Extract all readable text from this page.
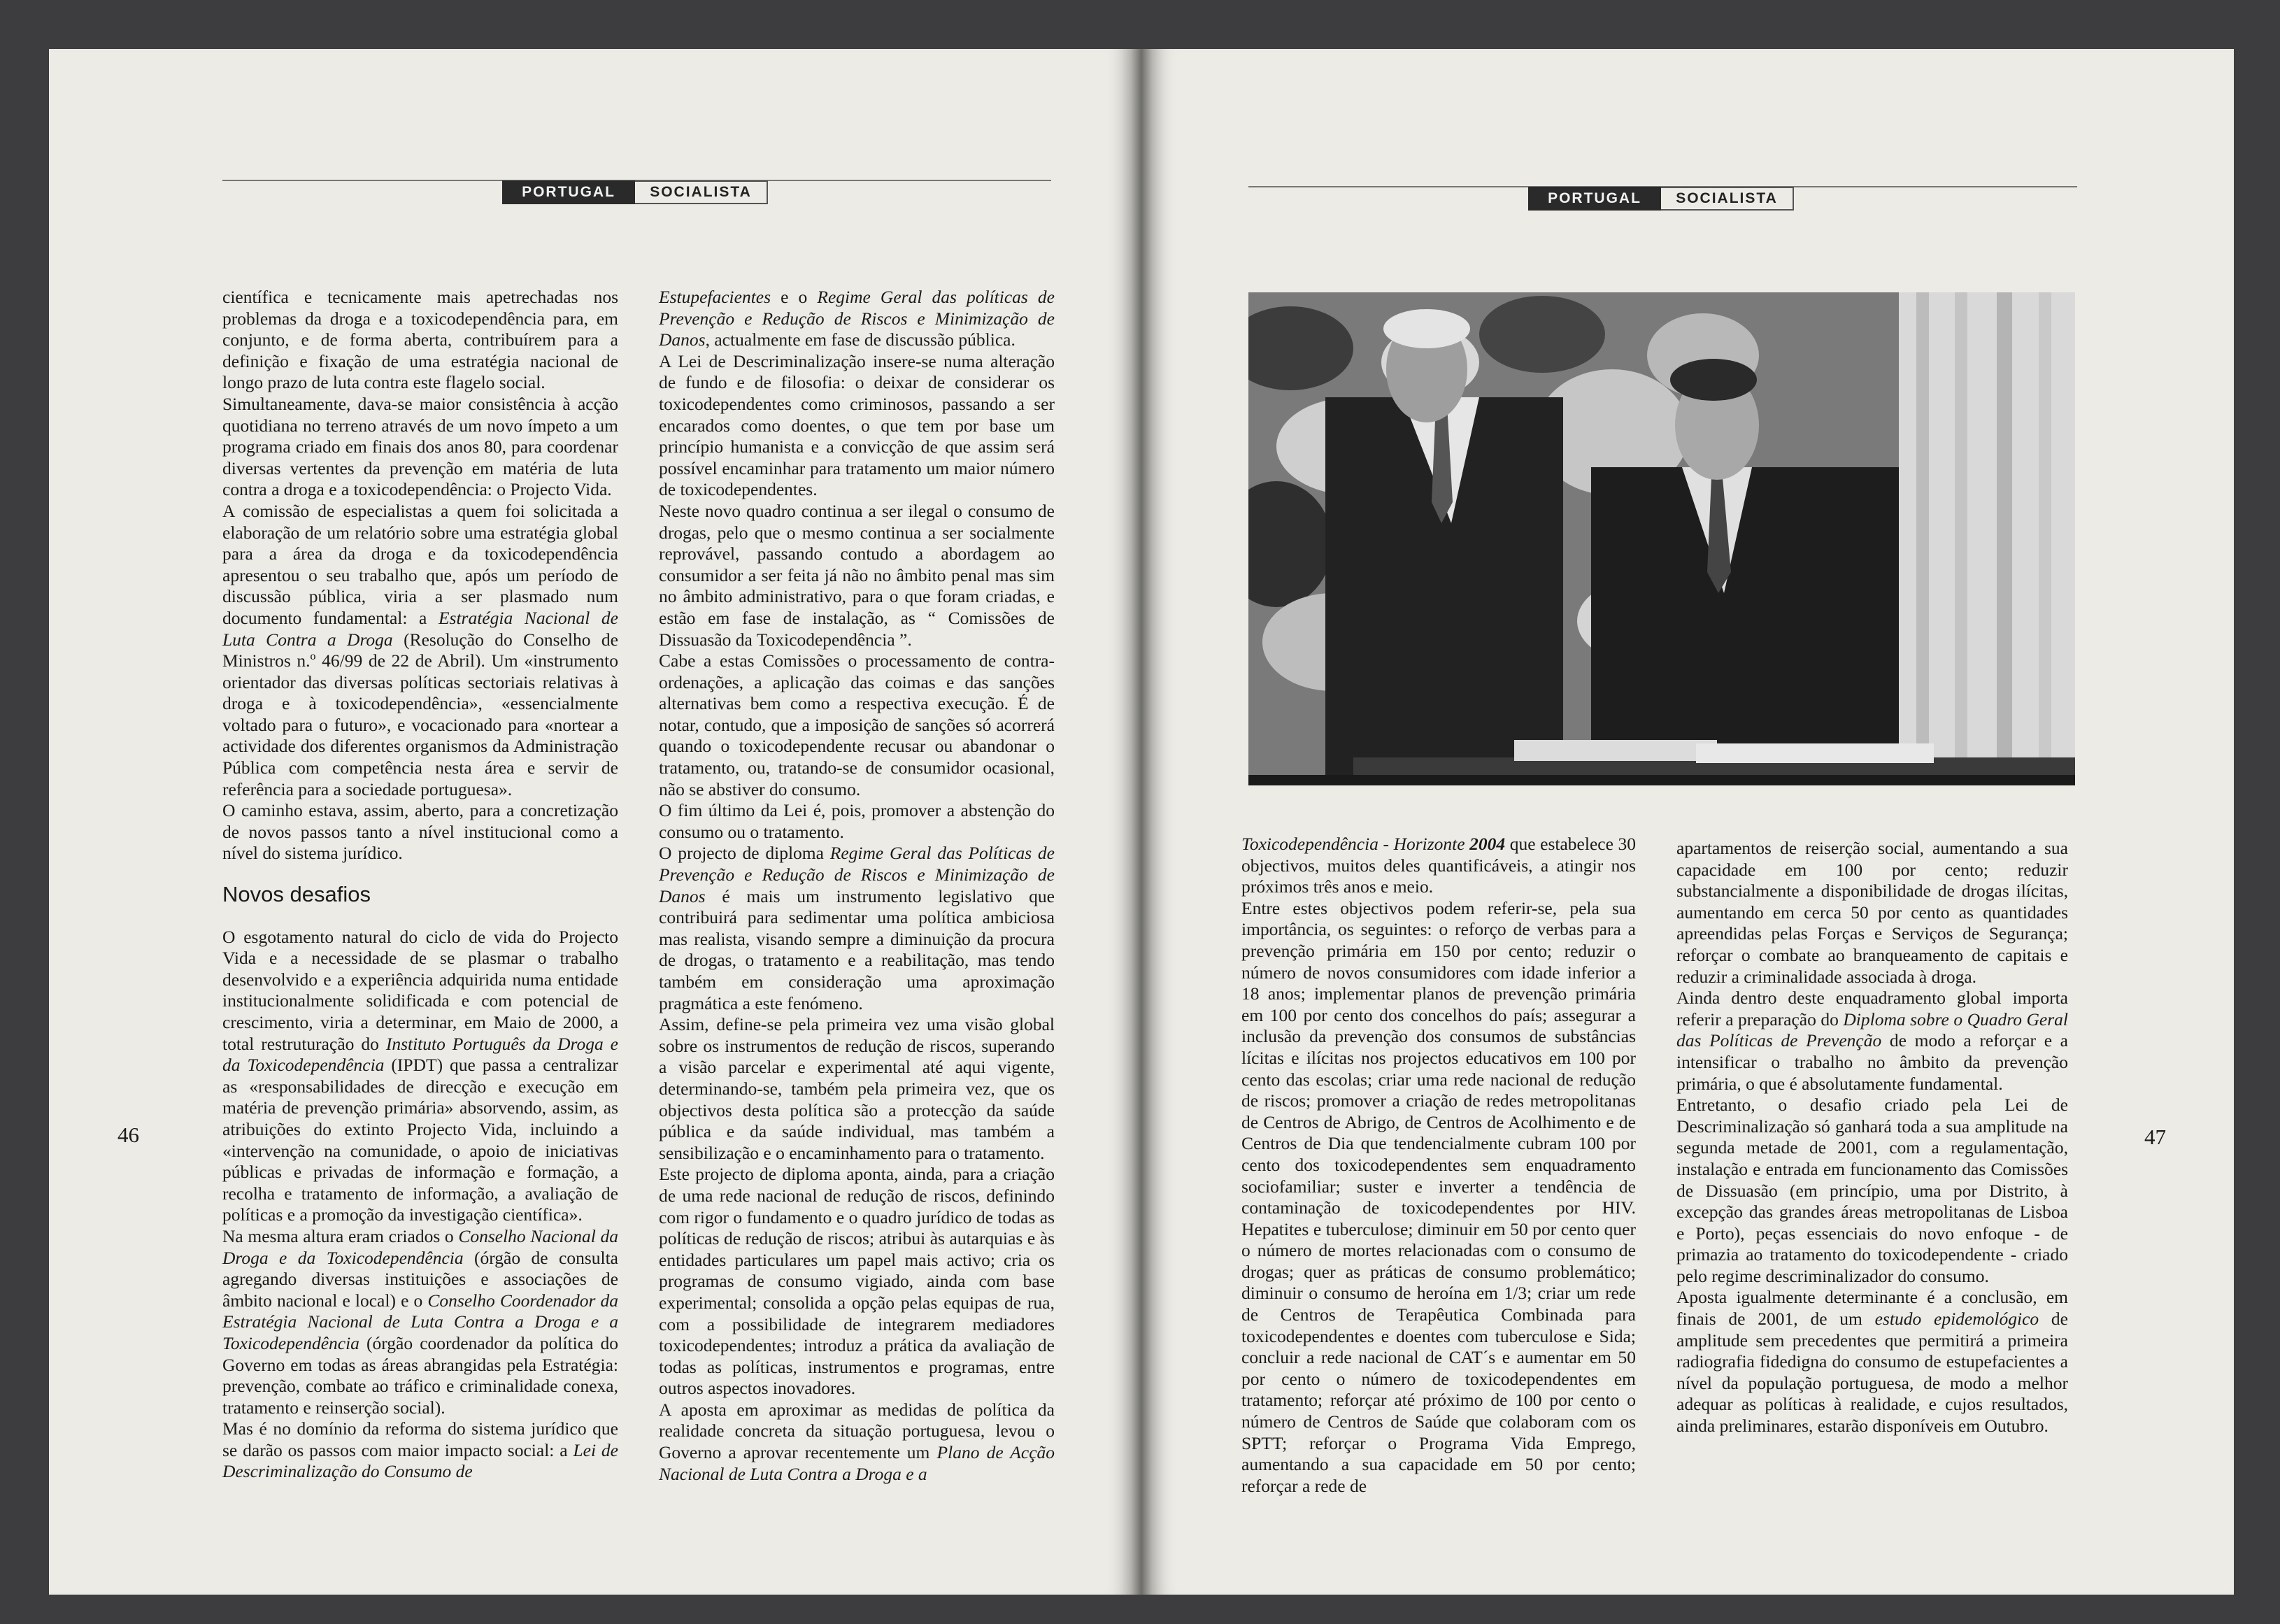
PORTUGAL	SOCIALISTA	PORTUGAL	SOCIALISTA

científica e tecnicamente mais apetrechadas nos problemas da droga e a toxicodependência para, em conjunto, e de forma aberta, contribuírem para a definição e fixação de uma estratégia nacional de longo prazo de luta contra este flagelo social.

Simultaneamente, dava-se maior consistência à acção quotidiana no terreno através de um novo ímpeto a um programa criado em finais dos anos 80, para coordenar diversas vertentes da prevenção em matéria de luta contra a droga e a toxicodependência: o Projecto Vida.

A comissão de especialistas a quem foi solicitada a elaboração de um relatório sobre uma estratégia global para a área da droga e da toxicodependência apresentou o seu trabalho que, após um período de discussão pública, viria a ser plasmado num documento fundamental: a Estratégia Nacional de Luta Contra a Droga (Resolução do Conselho de Ministros n.º 46/99 de 22 de Abril). Um «instrumento orientador das diversas políticas sectoriais relativas à droga e à toxicodependência», «essencialmente voltado para o futuro», e vocacionado para «nortear a actividade dos diferentes organismos da Administração Pública com competência nesta área e servir de referência para a sociedade portuguesa».

O caminho estava, assim, aberto, para a concretização de novos passos tanto a nível institucional como a nível do sistema jurídico.

Novos desafios

O esgotamento natural do ciclo de vida do Projecto Vida e a necessidade de se plasmar o trabalho desenvolvido e a experiência adquirida numa entidade institucionalmente solidificada e com potencial de crescimento, viria a determinar, em Maio de 2000, a total restruturação do Instituto Português da Droga e da Toxicodependência (IPDT) que passa a centralizar as «responsabilidades de direcção e execução em matéria de prevenção primária» absorvendo, assim, as atribuições do extinto Projecto Vida, incluindo a «intervenção na comunidade, o apoio de iniciativas públicas e privadas de informação e formação, a recolha e tratamento de informação, a avaliação de políticas e a promoção da investigação científica».

Na mesma altura eram criados o Conselho Nacional da Droga e da Toxicodependência (órgão de consulta agregando diversas instituições e associações de âmbito nacional e local) e o Conselho Coordenador da Estratégia Nacional de Luta Contra a Droga e a Toxicodependência (órgão coordenador da política do Governo em todas as áreas abrangidas pela Estratégia: prevenção, combate ao tráfico e criminalidade conexa, tratamento e reinserção social).

Mas é no domínio da reforma do sistema jurídico que se darão os passos com maior impacto social: a Lei de Descriminalização do Consumo de

Estupefacientes e o Regime Geral das políticas de Prevenção e Redução de Riscos e Minimização de Danos, actualmente em fase de discussão pública.

A Lei de Descriminalização insere-se numa alteração de fundo e de filosofia: o deixar de considerar os toxicodependentes como criminosos, passando a ser encarados como doentes, o que tem por base um princípio humanista e a convicção de que assim será possível encaminhar para tratamento um maior número de toxicodependentes.

Neste novo quadro continua a ser ilegal o consumo de drogas, pelo que o mesmo continua a ser socialmente reprovável, passando contudo a abordagem ao consumidor a ser feita já não no âmbito penal mas sim no âmbito administrativo, para o que foram criadas, e estão em fase de instalação, as “ Comissões de Dissuasão da Toxicodependência ”.

Cabe a estas Comissões o processamento de contra-ordenações, a aplicação das coimas e das sanções alternativas bem como a respectiva execução. É de notar, contudo, que a imposição de sanções só acorrerá quando o toxicodependente recusar ou abandonar o tratamento, ou, tratando-se de consumidor ocasional, não se abstiver do consumo.

O fim último da Lei é, pois, promover a abstenção do consumo ou o tratamento.

O projecto de diploma Regime Geral das Políticas de Prevenção e Redução de Riscos e Minimização de Danos é mais um instrumento legislativo que contribuirá para sedimentar uma política ambiciosa mas realista, visando sempre a diminuição da procura de drogas, o tratamento e a reabilitação, mas tendo também em consideração uma aproximação pragmática a este fenómeno.

Assim, define-se pela primeira vez uma visão global sobre os instrumentos de redução de riscos, superando a visão parcelar e experimental até aqui vigente, determinando-se, também pela primeira vez, que os objectivos desta política são a protecção da saúde pública e da saúde individual, mas também a sensibilização e o encaminhamento para o tratamento.

Este projecto de diploma aponta, ainda, para a criação de uma rede nacional de redução de riscos, definindo com rigor o fundamento e o quadro jurídico de todas as políticas de redução de riscos; atribui às autarquias e às entidades particulares um papel mais activo; cria os programas de consumo vigiado, ainda com base experimental; consolida a opção pelas equipas de rua, com a possibilidade de integrarem mediadores toxicodependentes; introduz a prática da avaliação de todas as políticas, instrumentos e programas, entre outros aspectos inovadores.

A aposta em aproximar as medidas de política da realidade concreta da situação portuguesa, levou o Governo a aprovar recentemente um Plano de Acção Nacional de Luta Contra a Droga e a

46	47

Toxicodependência - Horizonte 2004 que estabelece 30 objectivos, muitos deles quantificáveis, a atingir nos próximos três anos e meio.

Entre estes objectivos podem referir-se, pela sua importância, os seguintes: o reforço de verbas para a prevenção primária em 150 por cento; reduzir o número de novos consumidores com idade inferior a 18 anos; implementar planos de prevenção primária em 100 por cento dos concelhos do país; assegurar a inclusão da prevenção dos consumos de substâncias lícitas e ilícitas nos projectos educativos em 100 por cento das escolas; criar uma rede nacional de redução de riscos; promover a criação de redes metropolitanas de Centros de Abrigo, de Centros de Acolhimento e de Centros de Dia que tendencialmente cubram 100 por cento dos toxicodependentes sem enquadramento sociofamiliar; suster e inverter a tendência de contaminação de toxicodependentes por HIV. Hepatites e tuberculose; diminuir em 50 por cento quer o número de mortes relacionadas com o consumo de drogas; quer as práticas de consumo problemático; diminuir o consumo de heroína em 1/3; criar um rede de Centros de Terapêutica Combinada para toxicodependentes e doentes com tuberculose e Sida; concluir a rede nacional de CAT´s e aumentar em 50 por cento o número de toxicodependentes em tratamento; reforçar até próximo de 100 por cento o número de Centros de Saúde que colaboram com os SPTT; reforçar o Programa Vida Emprego, aumentando a sua capacidade em 50 por cento; reforçar a rede de

apartamentos de reiserção social, aumentando a sua capacidade em 100 por cento; reduzir substancialmente a disponibilidade de drogas ilícitas, aumentando em cerca 50 por cento as quantidades apreendidas pelas Forças e Serviços de Segurança; reforçar o combate ao branqueamento de capitais e reduzir a criminalidade associada à droga.

Ainda dentro deste enquadramento global importa referir a preparação do Diploma sobre o Quadro Geral das Políticas de Prevenção de modo a reforçar e a intensificar o trabalho no âmbito da prevenção primária, o que é absolutamente fundamental.

Entretanto, o desafio criado pela Lei de Descriminalização só ganhará toda a sua amplitude na segunda metade de 2001, com a regulamentação, instalação e entrada em funcionamento das Comissões de Dissuasão (em princípio, uma por Distrito, à excepção das grandes áreas metropolitanas de Lisboa e Porto), peças essenciais do novo enfoque - de primazia ao tratamento do toxicodependente - criado pelo regime descriminalizador do consumo.

Aposta igualmente determinante é a conclusão, em finais de 2001, de um estudo epidemológico de amplitude sem precedentes que permitirá a primeira radiografia fidedigna do consumo de estupefacientes a nível da população portuguesa, de modo a melhor adequar as políticas à realidade, e cujos resultados, ainda preliminares, estarão disponíveis em Outubro.
